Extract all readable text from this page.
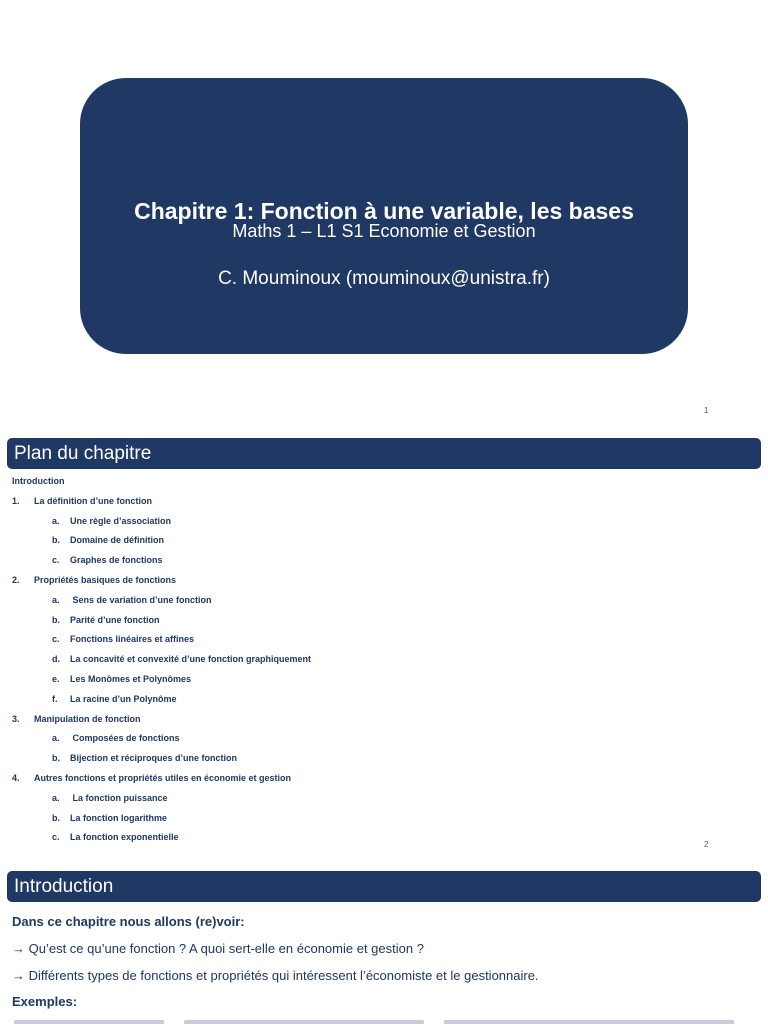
Maths 1 – L1 S1 Economie et Gestion
Chapitre 1: Fonction à une variable, les bases
C. Mouminoux (mouminoux@unistra.fr)
1
Plan du chapitre
Introduction
1. La définition d’une fonction
a. Une règle d’association
b. Domaine de définition
c. Graphes de fonctions
2. Propriétés basiques de fonctions
a. Sens de variation d’une fonction
b. Parité d’une fonction
c. Fonctions linéaires et affines
d. La concavité et convexité d’une fonction graphiquement
e. Les Monômes et Polynômes
f. La racine d’un Polynôme
3. Manipulation de fonction
a. Composées de fonctions
b. Bijection et réciproques d’une fonction
4. Autres fonctions et propriétés utiles en économie et gestion
a. La fonction puissance
b. La fonction logarithme
c. La fonction exponentielle
2
Introduction
Dans ce chapitre nous allons (re)voir:
→ Qu’est ce qu’une fonction ? A quoi sert-elle en économie et gestion ?
→ Différents types de fonctions et propriétés qui intéressent l’économiste et le gestionnaire.
Exemples:
